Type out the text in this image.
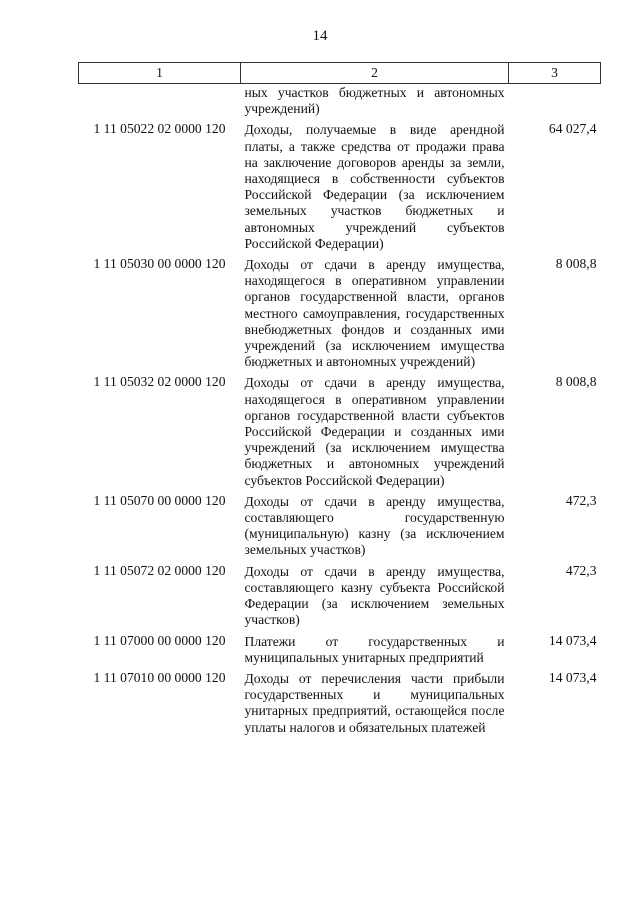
14
1	2	3
	ных участков бюджетных и автономных учреждений)	
1 11 05022 02 0000 120	Доходы, получаемые в виде арендной платы, а также средства от продажи права на заключение договоров аренды за земли, находящиеся в собственности субъектов Российской Федерации (за исключением земельных участков бюджетных и автономных учреждений субъектов Российской Федерации)	64 027,4
1 11 05030 00 0000 120	Доходы от сдачи в аренду имущества, находящегося в оперативном управлении органов государственной власти, органов местного самоуправления, государственных внебюджетных фондов и созданных ими учреждений (за исключением имущества бюджетных и автономных учреждений)	8 008,8
1 11 05032 02 0000 120	Доходы от сдачи в аренду имущества, находящегося в оперативном управлении органов государственной власти субъектов Российской Федерации и созданных ими учреждений (за исключением имущества бюджетных и автономных учреждений субъектов Российской Федерации)	8 008,8
1 11 05070 00 0000 120	Доходы от сдачи в аренду имущества, составляющего государственную (муниципальную) казну (за исключением земельных участков)	472,3
1 11 05072 02 0000 120	Доходы от сдачи в аренду имущества, составляющего казну субъекта Российской Федерации (за исключением земельных участков)	472,3
1 11 07000 00 0000 120	Платежи от государственных и муниципальных унитарных предприятий	14 073,4
1 11 07010 00 0000 120	Доходы от перечисления части прибыли государственных и муниципальных унитарных предприятий, остающейся после уплаты налогов и обязательных платежей	14 073,4
